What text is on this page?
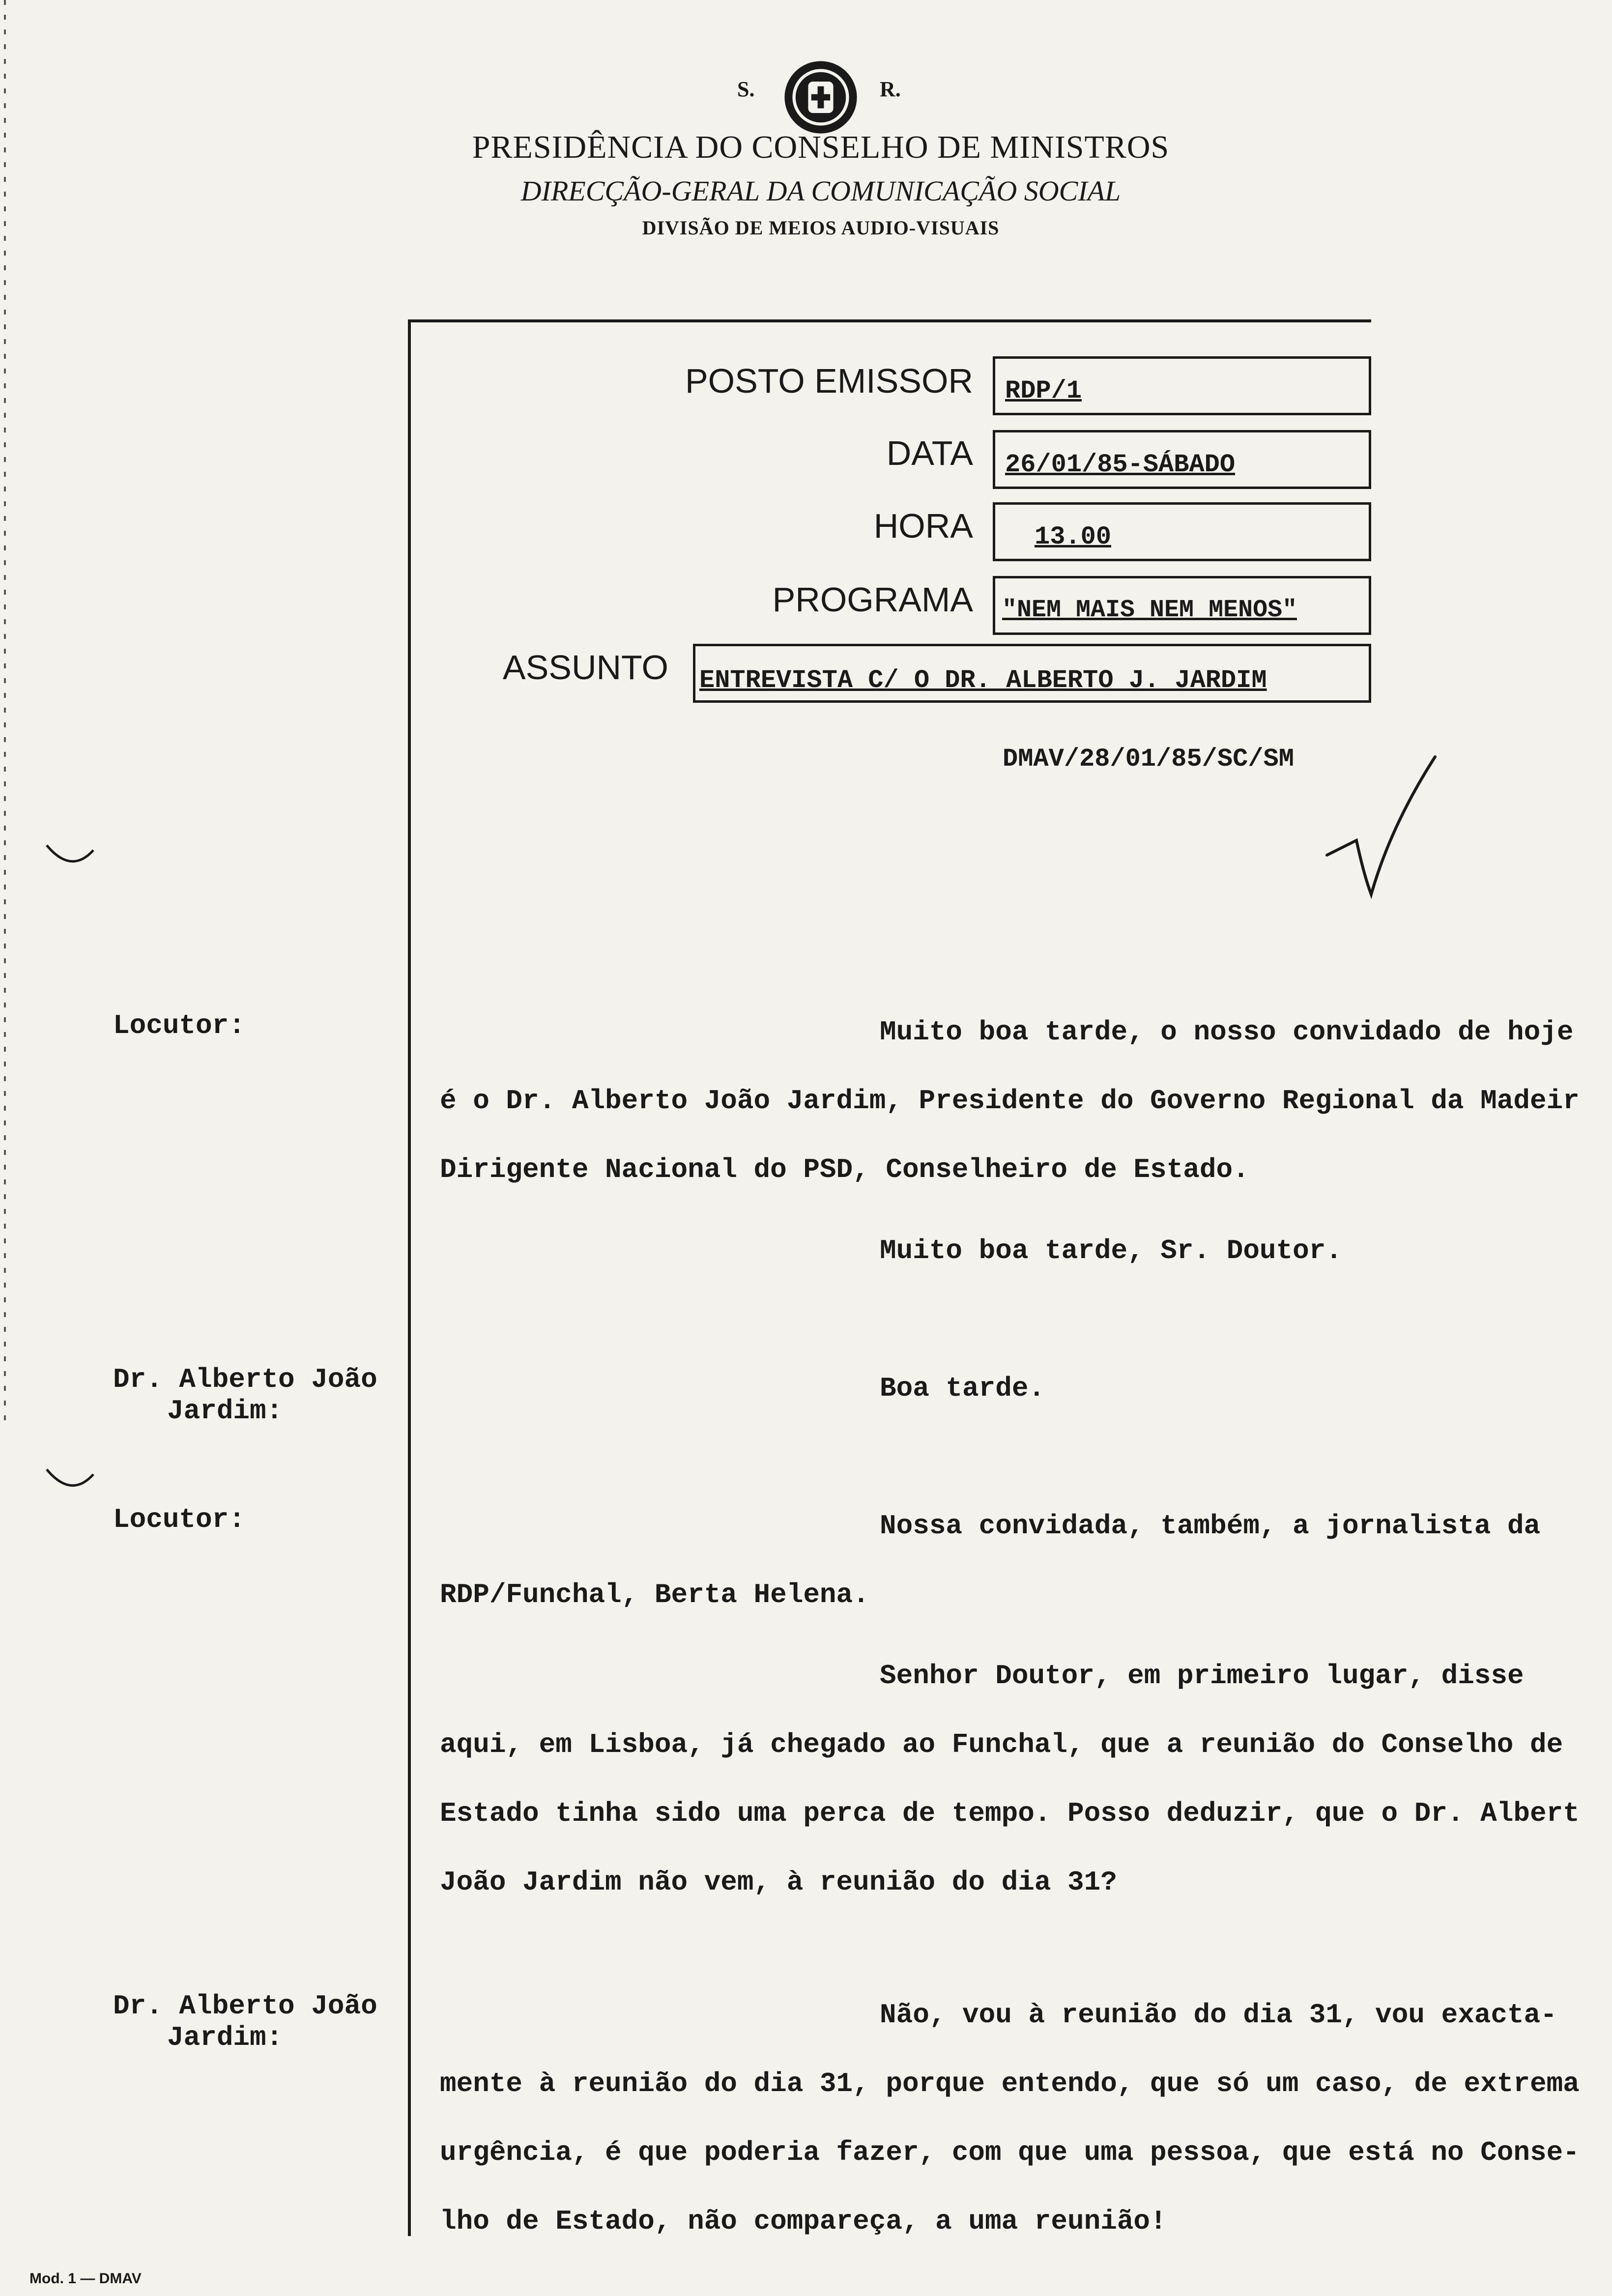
S.	R.
PRESIDÊNCIA DO CONSELHO DE MINISTROS
DIRECÇÃO-GERAL DA COMUNICAÇÃO SOCIAL
DIVISÃO DE MEIOS AUDIO-VISUAIS
POSTO EMISSOR RDP/1
DATA 26/01/85-SÁBADO
HORA 13.00
PROGRAMA "NEM MAIS NEM MENOS"
ASSUNTO ENTREVISTA C/ O DR. ALBERTO J. JARDIM
DMAV/28/01/85/SC/SM
Locutor:
Dr. Alberto João
Jardim:
Locutor:
Dr. Alberto João
Jardim:
Muito boa tarde, o nosso convidado de hoje
é o Dr. Alberto João Jardim, Presidente do Governo Regional da Madeir
Dirigente Nacional do PSD, Conselheiro de Estado.
Muito boa tarde, Sr. Doutor.
Boa tarde.
Nossa convidada, também, a jornalista da
RDP/Funchal, Berta Helena.
Senhor Doutor, em primeiro lugar, disse
aqui, em Lisboa, já chegado ao Funchal, que a reunião do Conselho de
Estado tinha sido uma perca de tempo. Posso deduzir, que o Dr. Albert
João Jardim não vem, à reunião do dia 31?
Não, vou à reunião do dia 31, vou exacta-
mente à reunião do dia 31, porque entendo, que só um caso, de extrema
urgência, é que poderia fazer, com que uma pessoa, que está no Conse-
lho de Estado, não compareça, a uma reunião!
Mod. 1 — DMAV
